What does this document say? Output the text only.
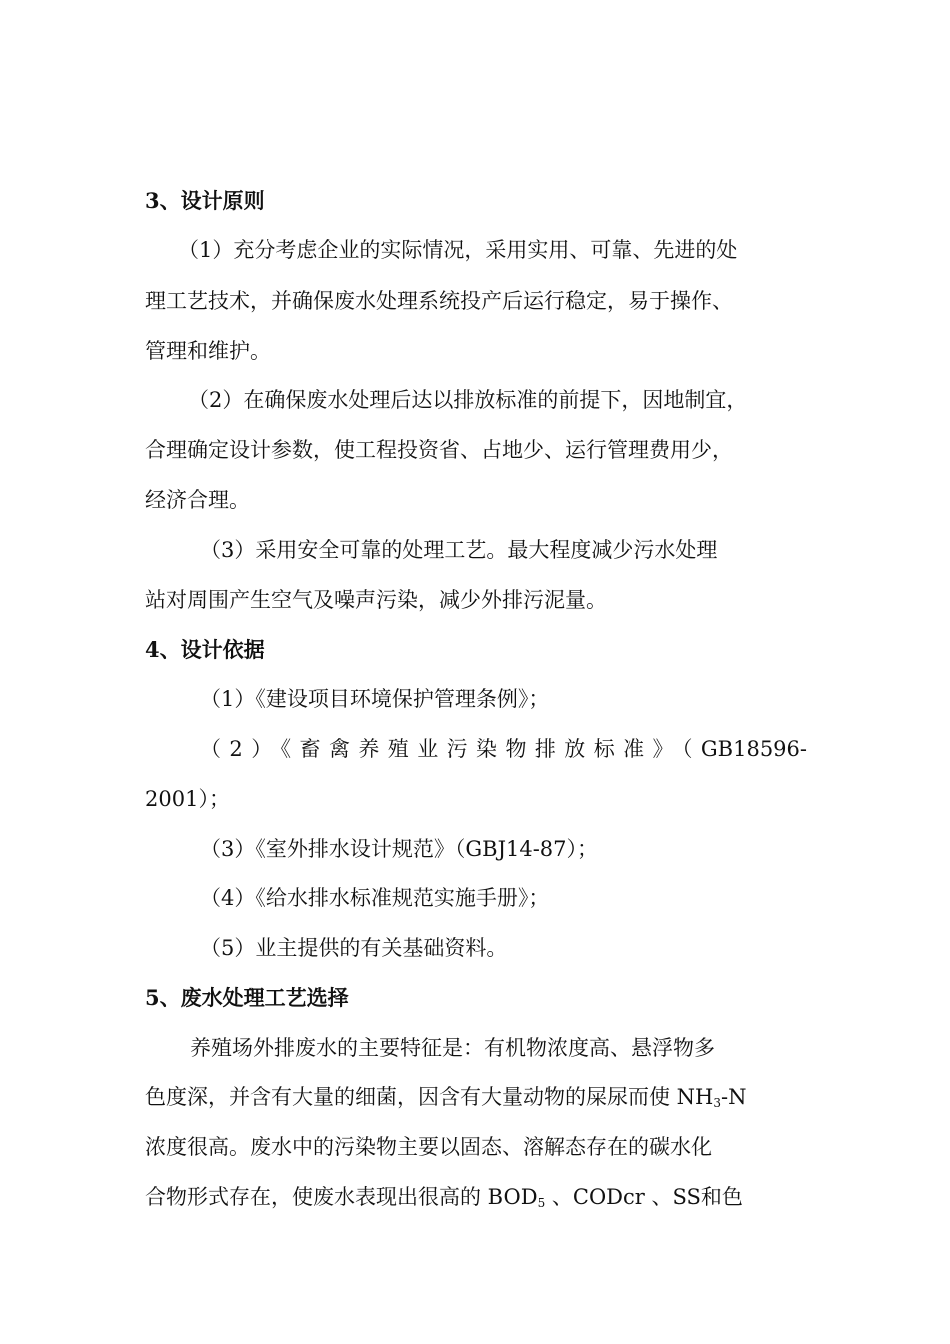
3、设计原则
（1）充分考虑企业的实际情况，采用实用、可靠、先进的处
理工艺技术，并确保废水处理系统投产后运行稳定，易于操作、
管理和维护。
（2）在确保废水处理后达以排放标准的前提下，因地制宜，
合理确定设计参数，使工程投资省、占地少、运行管理费用少，
经济合理。
（3）采用安全可靠的处理工艺。最大程度减少污水处理
站对周围产生空气及噪声污染，减少外排污泥量。
4、设计依据
（1）《建设项目环境保护管理条例》；
（2）《畜禽养殖业污染物排放标准》（GB18596-
2001）；
（3）《室外排水设计规范》（GBJ14-87）；
（4）《给水排水标准规范实施手册》；
（5）业主提供的有关基础资料。
5、废水处理工艺选择
养殖场外排废水的主要特征是：有机物浓度高、悬浮物多
色度深，并含有大量的细菌，因含有大量动物的屎尿而使 $NH_3-N$
浓度很高。废水中的污染物主要以固态、溶解态存在的碳水化
合物形式存在，使废水表现出很高的 $BOD_5$ 、CODcr 、SS和色
